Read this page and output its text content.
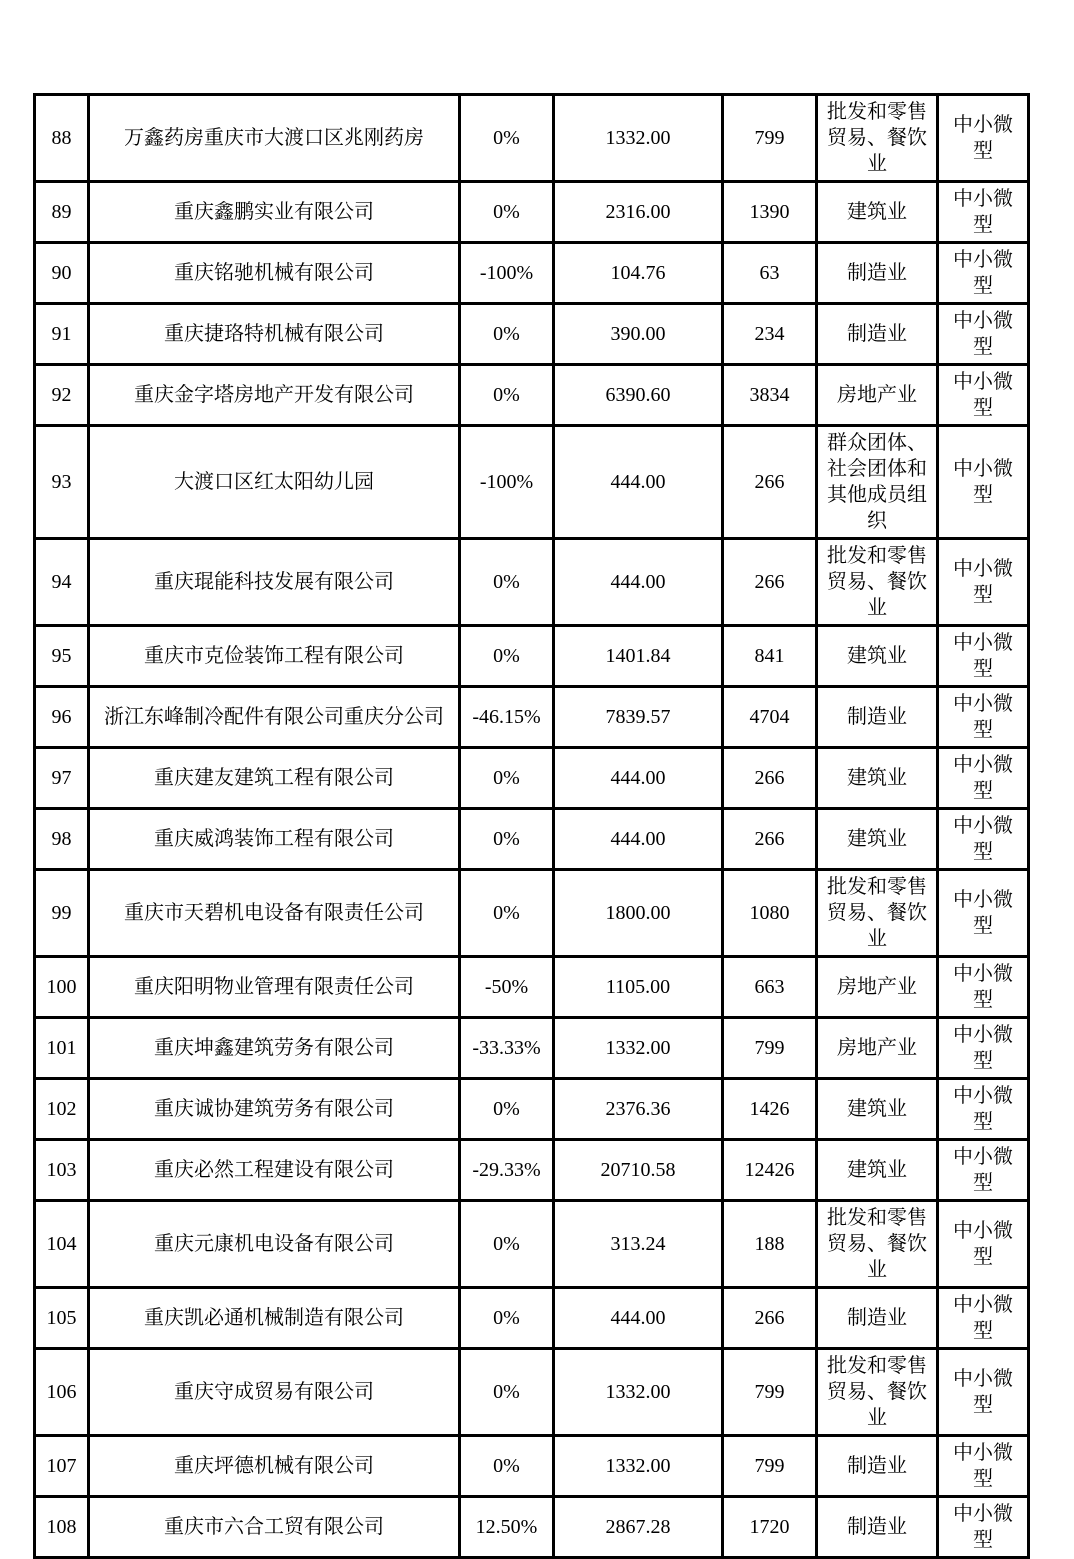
88	万鑫药房重庆市大渡口区兆刚药房	0%	1332.00	799	批发和零售贸易、餐饮业	中小微型
89	重庆鑫鹏实业有限公司	0%	2316.00	1390	建筑业	中小微型
90	重庆铭驰机械有限公司	-100%	104.76	63	制造业	中小微型
91	重庆捷珞特机械有限公司	0%	390.00	234	制造业	中小微型
92	重庆金字塔房地产开发有限公司	0%	6390.60	3834	房地产业	中小微型
93	大渡口区红太阳幼儿园	-100%	444.00	266	群众团体、社会团体和其他成员组织	中小微型
94	重庆琨能科技发展有限公司	0%	444.00	266	批发和零售贸易、餐饮业	中小微型
95	重庆市克俭装饰工程有限公司	0%	1401.84	841	建筑业	中小微型
96	浙江东峰制冷配件有限公司重庆分公司	-46.15%	7839.57	4704	制造业	中小微型
97	重庆建友建筑工程有限公司	0%	444.00	266	建筑业	中小微型
98	重庆威鸿装饰工程有限公司	0%	444.00	266	建筑业	中小微型
99	重庆市天碧机电设备有限责任公司	0%	1800.00	1080	批发和零售贸易、餐饮业	中小微型
100	重庆阳明物业管理有限责任公司	-50%	1105.00	663	房地产业	中小微型
101	重庆坤鑫建筑劳务有限公司	-33.33%	1332.00	799	房地产业	中小微型
102	重庆诚协建筑劳务有限公司	0%	2376.36	1426	建筑业	中小微型
103	重庆必然工程建设有限公司	-29.33%	20710.58	12426	建筑业	中小微型
104	重庆元康机电设备有限公司	0%	313.24	188	批发和零售贸易、餐饮业	中小微型
105	重庆凯必通机械制造有限公司	0%	444.00	266	制造业	中小微型
106	重庆守成贸易有限公司	0%	1332.00	799	批发和零售贸易、餐饮业	中小微型
107	重庆坪德机械有限公司	0%	1332.00	799	制造业	中小微型
108	重庆市六合工贸有限公司	12.50%	2867.28	1720	制造业	中小微型
